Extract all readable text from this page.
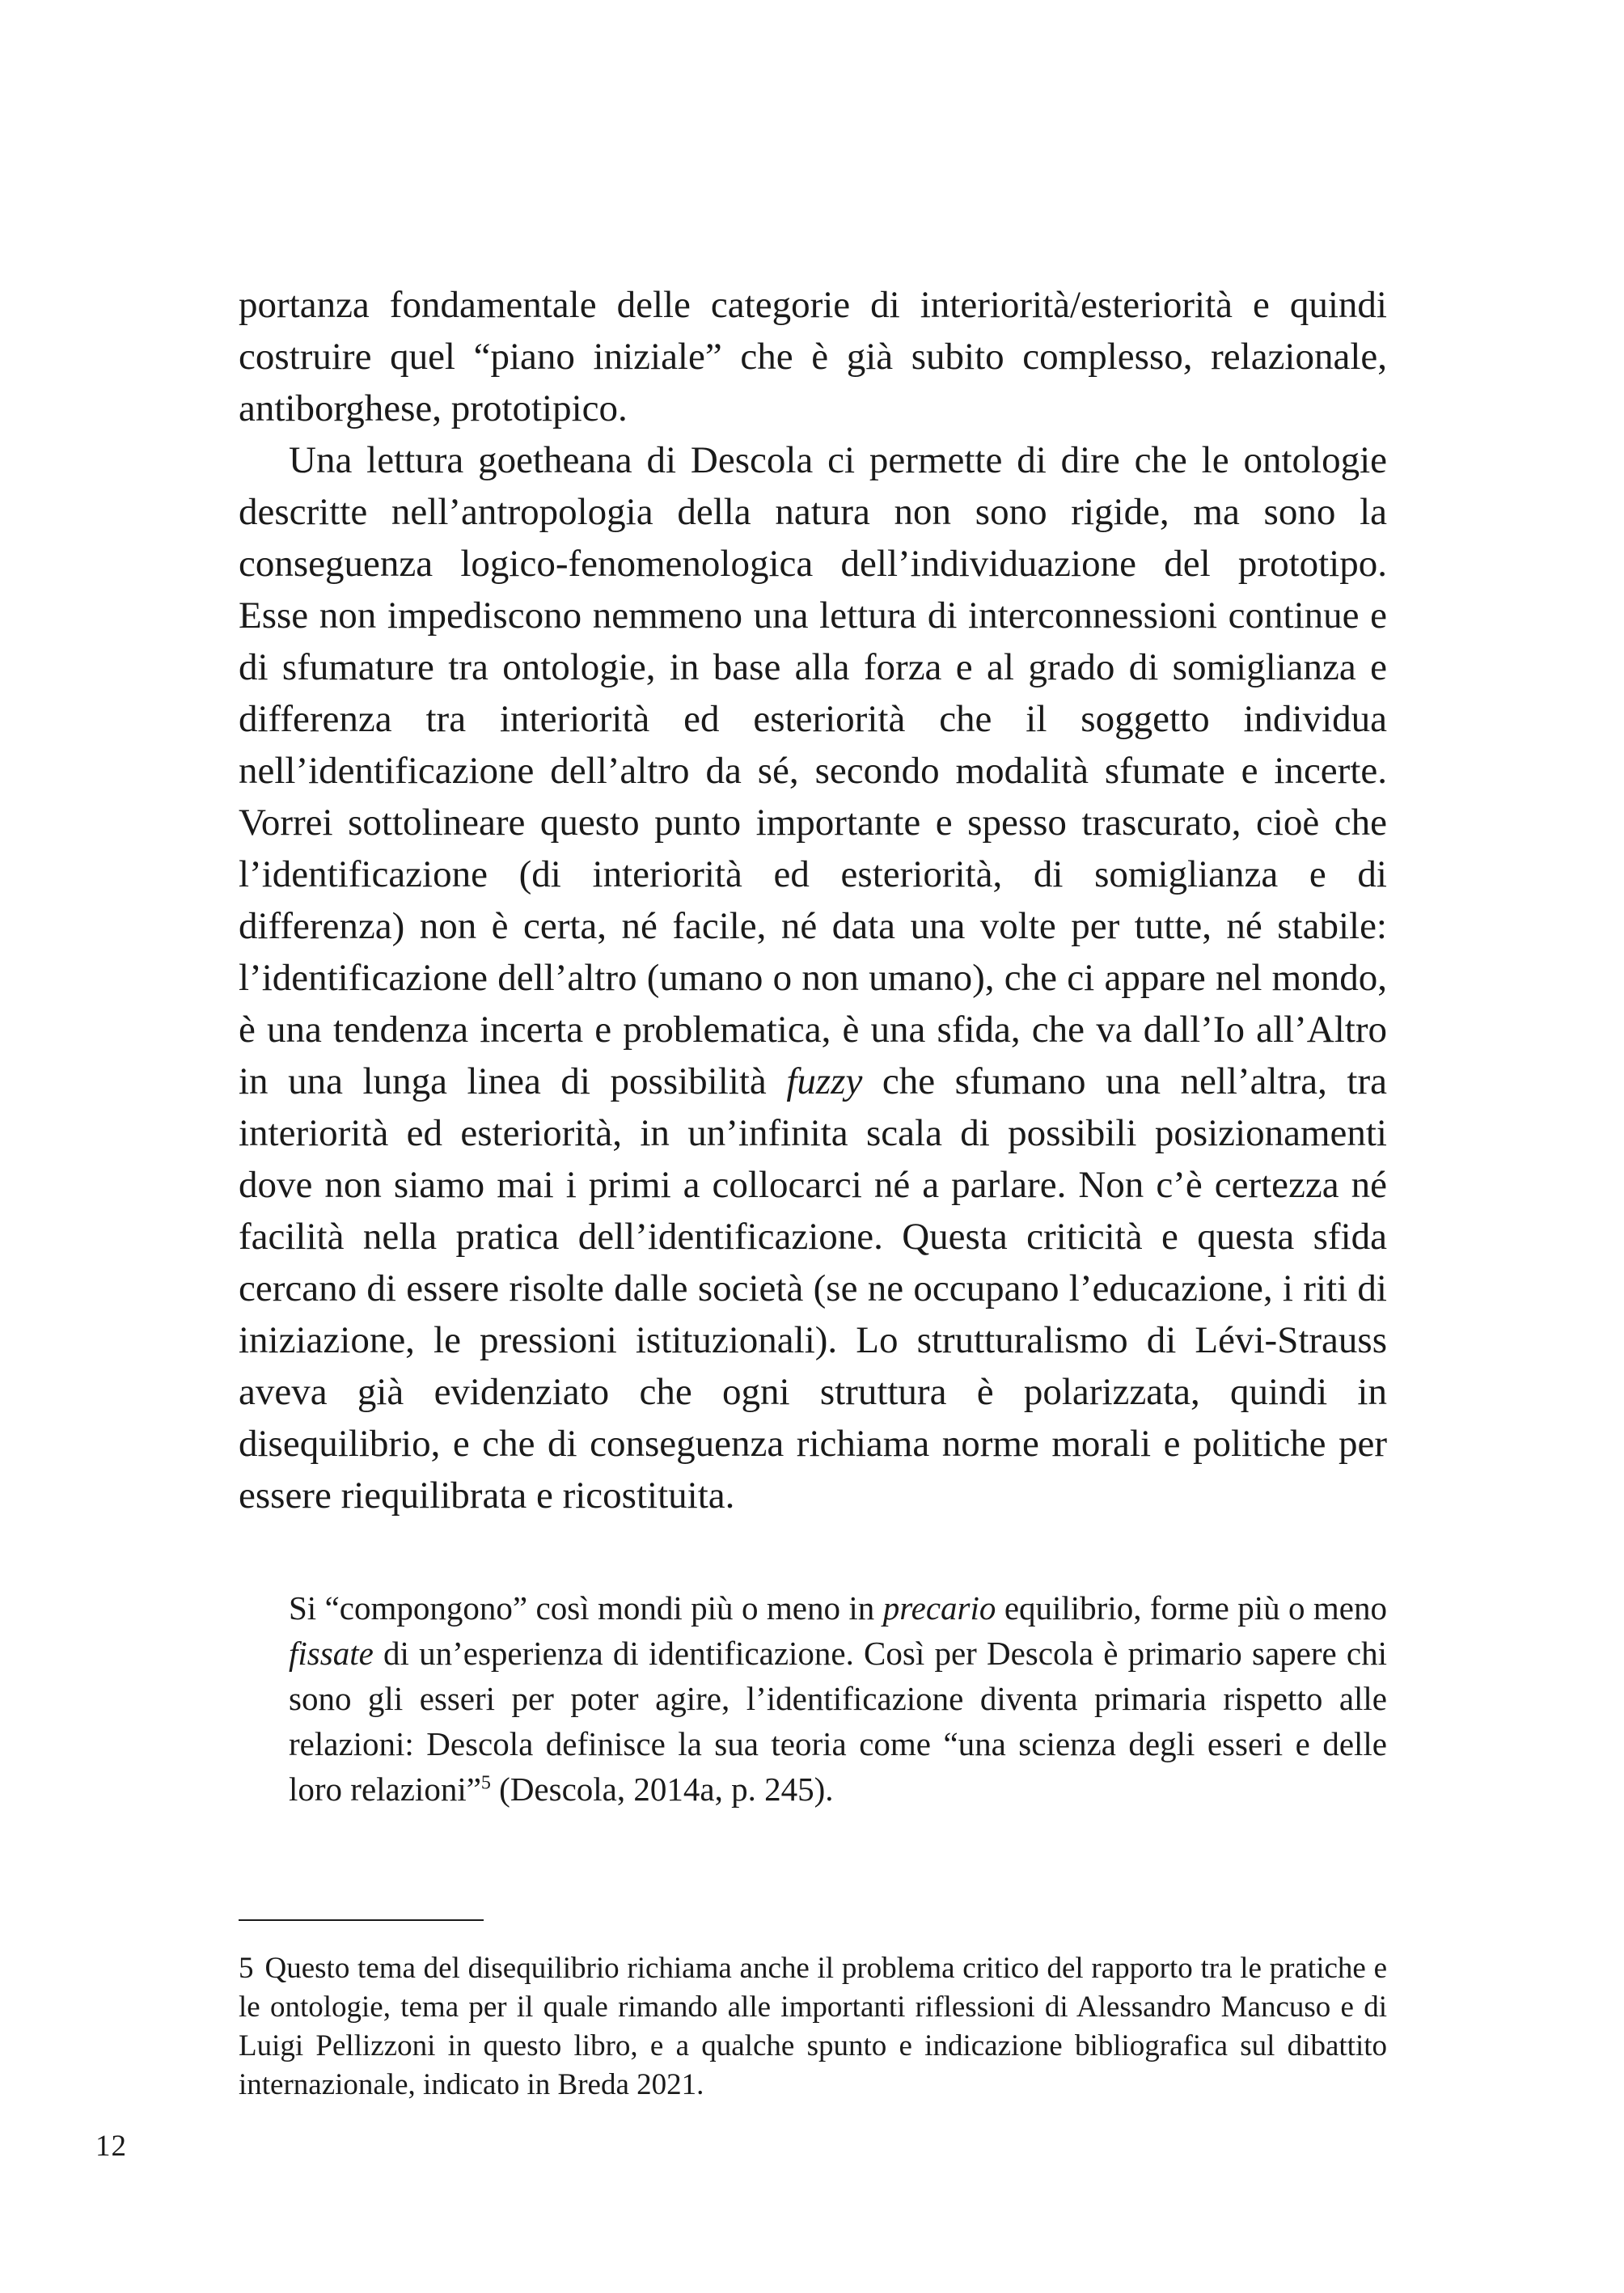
portanza fondamentale delle categorie di interiorità/esteriorità e quindi costruire quel “piano iniziale” che è già subito complesso, relazionale, antiborghese, prototipico.

Una lettura goetheana di Descola ci permette di dire che le ontologie descritte nell’antropologia della natura non sono rigide, ma sono la conseguenza logico-fenomenologica dell’individuazione del prototipo. Esse non impediscono nemmeno una lettura di interconnessioni continue e di sfumature tra ontologie, in base alla forza e al grado di somiglianza e differenza tra interiorità ed esteriorità che il soggetto individua nell’identificazione dell’altro da sé, secondo modalità sfumate e incerte. Vorrei sottolineare questo punto importante e spesso trascurato, cioè che l’identificazione (di interiorità ed esteriorità, di somiglianza e di differenza) non è certa, né facile, né data una volte per tutte, né stabile: l’identificazione dell’altro (umano o non umano), che ci appare nel mondo, è una tendenza incerta e problematica, è una sfida, che va dall’Io all’Altro in una lunga linea di possibilità fuzzy che sfumano una nell’altra, tra interiorità ed esteriorità, in un’infinita scala di possibili posizionamenti dove non siamo mai i primi a collocarci né a parlare. Non c’è certezza né facilità nella pratica dell’identificazione. Questa criticità e questa sfida cercano di essere risolte dalle società (se ne occupano l’educazione, i riti di iniziazione, le pressioni istituzionali). Lo strutturalismo di Lévi-Strauss aveva già evidenziato che ogni struttura è polarizzata, quindi in disequilibrio, e che di conseguenza richiama norme morali e politiche per essere riequilibrata e ricostituita.

Si “compongono” così mondi più o meno in precario equilibrio, forme più o meno fissate di un’esperienza di identificazione. Così per Descola è primario sapere chi sono gli esseri per poter agire, l’identificazione diventa primaria rispetto alle relazioni: Descola definisce la sua teoria come “una scienza degli esseri e delle loro relazioni”$^5$ (Descola, 2014a, p. 245).

5 Questo tema del disequilibrio richiama anche il problema critico del rapporto tra le pratiche e le ontologie, tema per il quale rimando alle importanti riflessioni di Alessandro Mancuso e di Luigi Pellizzoni in questo libro, e a qualche spunto e indicazione bibliografica sul dibattito internazionale, indicato in Breda 2021.

12
